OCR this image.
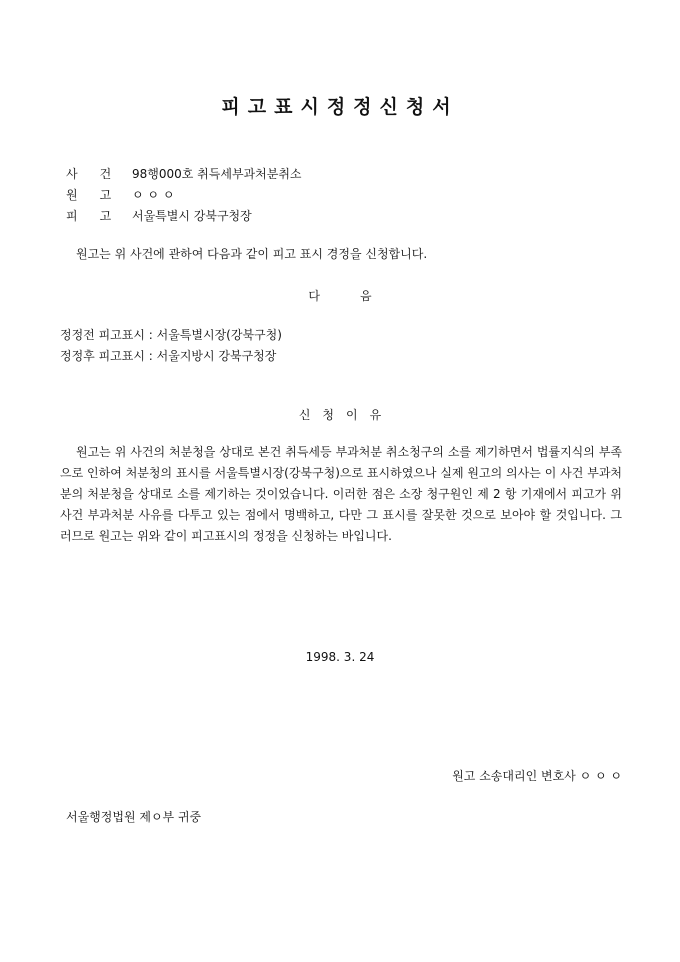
피고표시정정신청서
사건98행000호 취득세부과처분취소
원고ㅇ ㅇ ㅇ
피고서울특별시 강북구청장
원고는 위 사건에 관하여 다음과 같이 피고 표시 경정을 신청합니다.
다음
정정전 피고표시 : 서울특별시장(강북구청)
정정후 피고표시 : 서울지방시 강북구청장
신청이유
원고는 위 사건의 처분청을 상대로 본건 취득세등 부과처분 취소청구의 소를 제기하면서 법률지식의 부족으로 인하여 처분청의 표시를 서울특별시장(강북구청)으로 표시하였으나 실제 원고의 의사는 이 사건 부과처분의 처분청을 상대로 소를 제기하는 것이었습니다. 이러한 점은 소장 청구원인 제 2 항 기재에서 피고가 위 사건 부과처분 사유를 다투고 있는 점에서 명백하고, 다만 그 표시를 잘못한 것으로 보아야 할 것입니다. 그러므로 원고는 위와 같이 피고표시의 정정을 신청하는 바입니다.
1998. 3. 24
원고 소송대리인 변호사 ㅇ ㅇ ㅇ
서울행정법원 제ㅇ부 귀중
